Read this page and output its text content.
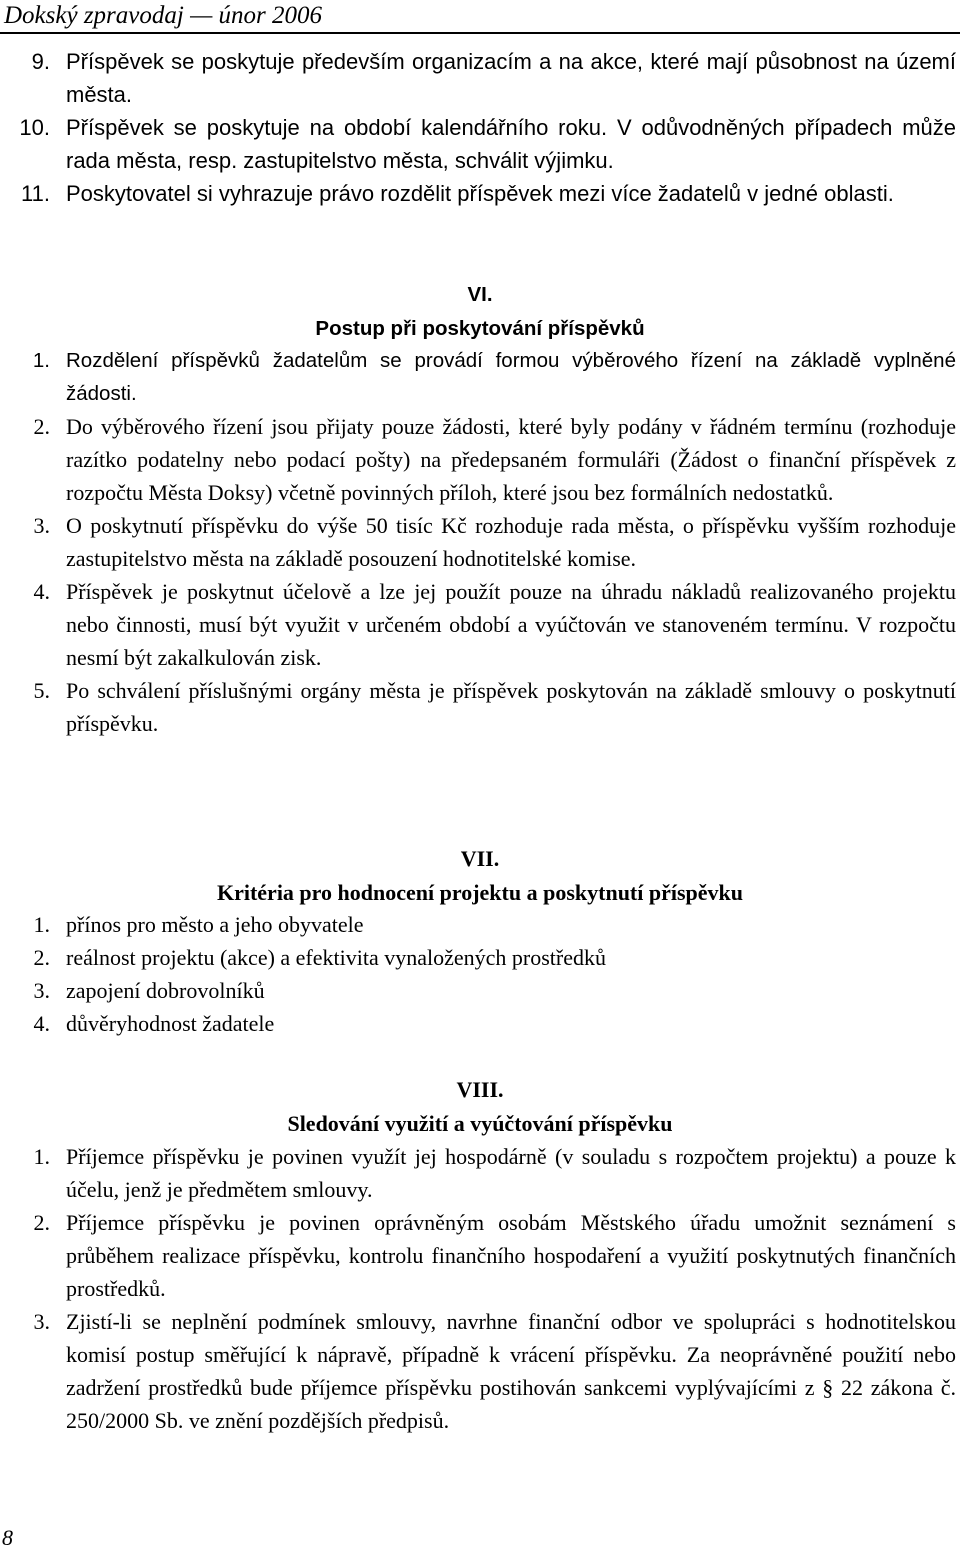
Dokský zpravodaj — únor 2006
9. Příspěvek se poskytuje především organizacím a na akce, které mají působnost na území města.
10. Příspěvek se poskytuje na období kalendářního roku. V odůvodněných případech může rada města, resp. zastupitelstvo města, schválit výjimku.
11. Poskytovatel si vyhrazuje právo rozdělit příspěvek mezi více žadatelů v jedné oblasti.
VI.
Postup při poskytování příspěvků
1. Rozdělení příspěvků žadatelům se provádí formou výběrového řízení na základě vyplněné žádosti.
2. Do výběrového řízení jsou přijaty pouze žádosti, které byly podány v řádném termínu (rozhoduje razítko podatelny nebo podací pošty) na předepsaném formuláři (Žádost o finanční příspěvek z rozpočtu Města Doksy) včetně povinných příloh, které jsou bez formálních nedostatků.
3. O poskytnutí příspěvku do výše 50 tisíc Kč rozhoduje rada města, o příspěvku vyšším rozhoduje zastupitelstvo města na základě posouzení hodnotitelské komise.
4. Příspěvek je poskytnut účelově a lze jej použít pouze na úhradu nákladů realizovaného projektu nebo činnosti, musí být využit v určeném období a vyúčtován ve stanoveném termínu. V rozpočtu nesmí být zakalkulován zisk.
5. Po schválení příslušnými orgány města je příspěvek poskytován na základě smlouvy o poskytnutí příspěvku.
VII.
Kritéria pro hodnocení projektu a poskytnutí příspěvku
1. přínos pro město a jeho obyvatele
2. reálnost projektu (akce) a efektivita vynaložených prostředků
3. zapojení dobrovolníků
4. důvěryhodnost žadatele
VIII.
Sledování využití a vyúčtování příspěvku
1. Příjemce příspěvku je povinen využít jej hospodárně (v souladu s rozpočtem projektu) a pouze k účelu, jenž je předmětem smlouvy.
2. Příjemce příspěvku je povinen oprávněným osobám Městského úřadu umožnit seznámení s průběhem realizace příspěvku, kontrolu finančního hospodaření a využití poskytnutých finančních prostředků.
3. Zjistí-li se neplnění podmínek smlouvy, navrhne finanční odbor ve spolupráci s hodnotitelskou komisí postup směřující k nápravě, případně k vrácení příspěvku. Za neoprávněné použití nebo zadržení prostředků bude příjemce příspěvku postihován sankcemi vyplývajícími z § 22 zákona č. 250/2000 Sb. ve znění pozdějších předpisů.
8
